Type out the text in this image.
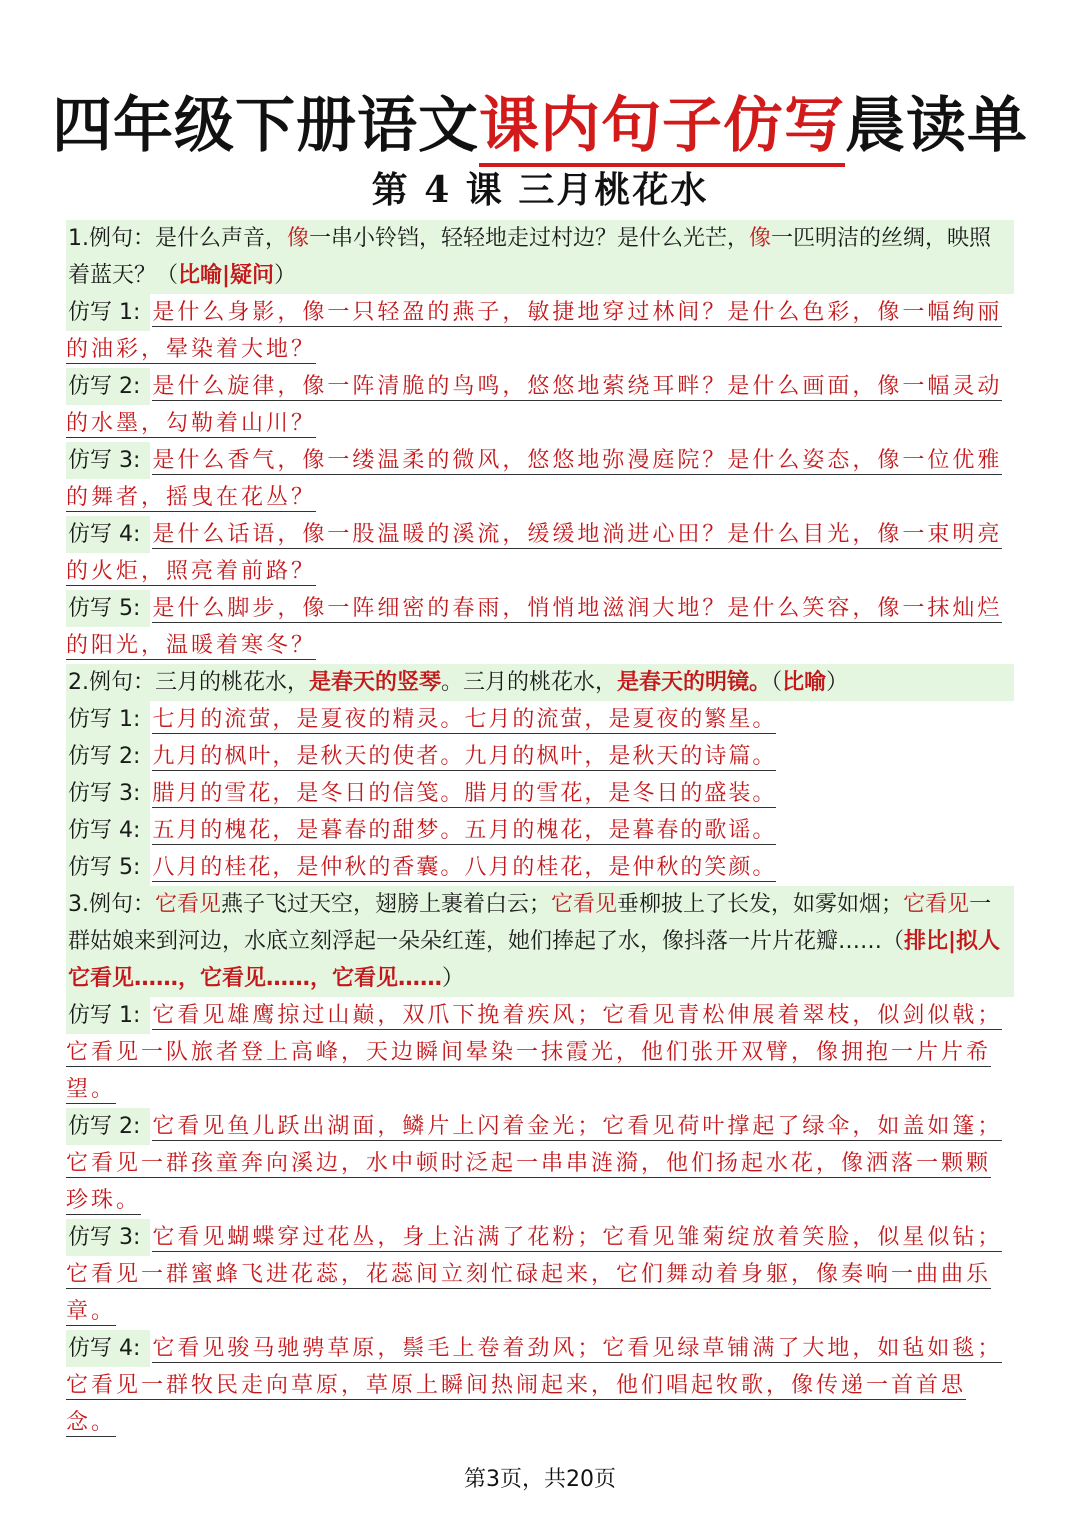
四年级下册语文课内句子仿写晨读单
第 4 课 三月桃花水
1.例句：是什么声音，像一串小铃铛，轻轻地走过村边？是什么光芒，像一匹明洁的丝绸，映照着蓝天？（比喻|疑问）
仿写 1: 是什么身影，像一只轻盈的燕子，敏捷地穿过林间？是什么色彩，像一幅绚丽的油彩，晕染着大地？
仿写 2: 是什么旋律，像一阵清脆的鸟鸣，悠悠地萦绕耳畔？是什么画面，像一幅灵动的水墨，勾勒着山川？
仿写 3: 是什么香气，像一缕温柔的微风，悠悠地弥漫庭院？是什么姿态，像一位优雅的舞者，摇曳在花丛？
仿写 4: 是什么话语，像一股温暖的溪流，缓缓地淌进心田？是什么目光，像一束明亮的火炬，照亮着前路？
仿写 5: 是什么脚步，像一阵细密的春雨，悄悄地滋润大地？是什么笑容，像一抹灿烂的阳光，温暖着寒冬？
2.例句：三月的桃花水，是春天的竖琴。三月的桃花水，是春天的明镜。（比喻）
仿写 1: 七月的流萤，是夏夜的精灵。七月的流萤，是夏夜的繁星。
仿写 2: 九月的枫叶，是秋天的使者。九月的枫叶，是秋天的诗篇。
仿写 3: 腊月的雪花，是冬日的信笺。腊月的雪花，是冬日的盛装。
仿写 4: 五月的槐花，是暮春的甜梦。五月的槐花，是暮春的歌谣。
仿写 5: 八月的桂花，是仲秋的香囊。八月的桂花，是仲秋的笑颜。
3.例句：它看见燕子飞过天空，翅膀上裹着白云；它看见垂柳披上了长发，如雾如烟；它看见一群姑娘来到河边，水底立刻浮起一朵朵红莲，她们捧起了水，像抖落一片片花瓣……（排比|拟人 它看见……，它看见……，它看见……）
仿写 1: 它看见雄鹰掠过山巅，双爪下挽着疾风；它看见青松伸展着翠枝，似剑似戟；它看见一队旅者登上高峰，天边瞬间晕染一抹霞光，他们张开双臂，像拥抱一片片希望。
仿写 2: 它看见鱼儿跃出湖面，鳞片上闪着金光；它看见荷叶撑起了绿伞，如盖如篷；它看见一群孩童奔向溪边，水中顿时泛起一串串涟漪，他们扬起水花，像洒落一颗颗珍珠。
仿写 3: 它看见蝴蝶穿过花丛，身上沾满了花粉；它看见雏菊绽放着笑脸，似星似钻；它看见一群蜜蜂飞进花蕊，花蕊间立刻忙碌起来，它们舞动着身躯，像奏响一曲曲乐章。
仿写 4: 它看见骏马驰骋草原，鬃毛上卷着劲风；它看见绿草铺满了大地，如毡如毯；它看见一群牧民走向草原，草原上瞬间热闹起来，他们唱起牧歌，像传递一首首思念。
第3页，共20页
